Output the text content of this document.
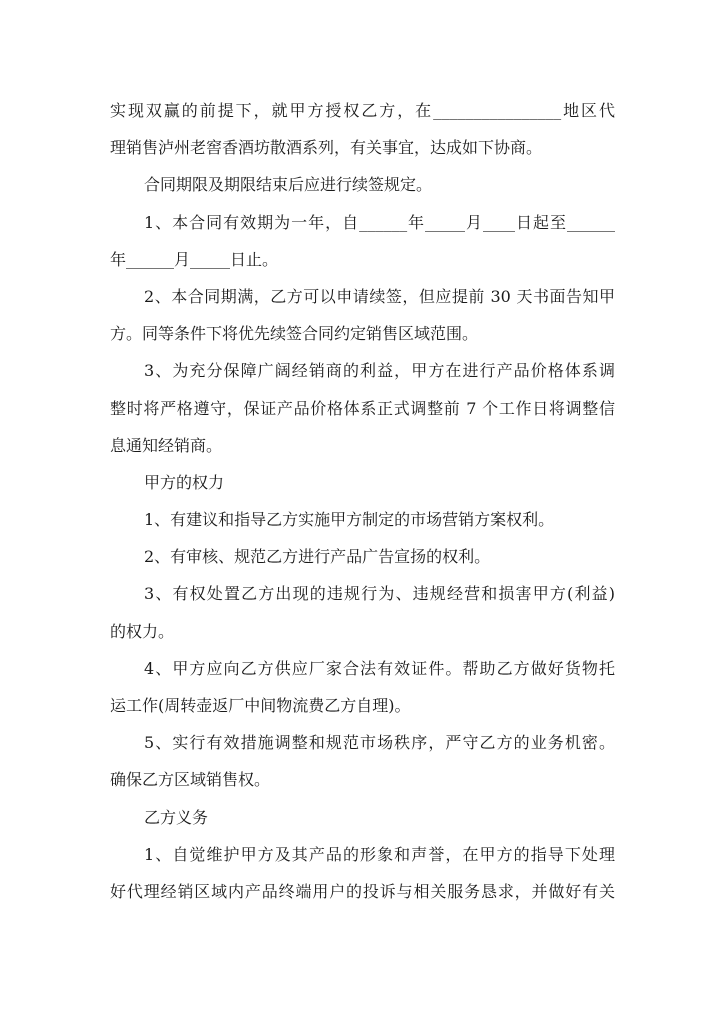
实现双赢的前提下，就甲方授权乙方，在________________地区代
理销售泸州老窖香酒坊散酒系列，有关事宜，达成如下协商。
合同期限及期限结束后应进行续签规定。
1、本合同有效期为一年，自______年_____月____日起至______
年______月_____日止。
2、本合同期满，乙方可以申请续签，但应提前 30 天书面告知甲
方。同等条件下将优先续签合同约定销售区域范围。
3、为充分保障广阔经销商的利益，甲方在进行产品价格体系调
整时将严格遵守，保证产品价格体系正式调整前 7 个工作日将调整信
息通知经销商。
甲方的权力
1、有建议和指导乙方实施甲方制定的市场营销方案权利。
2、有审核、规范乙方进行产品广告宣扬的权利。
3、有权处置乙方出现的违规行为、违规经营和损害甲方(利益)
的权力。
4、甲方应向乙方供应厂家合法有效证件。帮助乙方做好货物托
运工作(周转壶返厂中间物流费乙方自理)。
5、实行有效措施调整和规范市场秩序，严守乙方的业务机密。
确保乙方区域销售权。
乙方义务
1、自觉维护甲方及其产品的形象和声誉，在甲方的指导下处理
好代理经销区域内产品终端用户的投诉与相关服务恳求，并做好有关
